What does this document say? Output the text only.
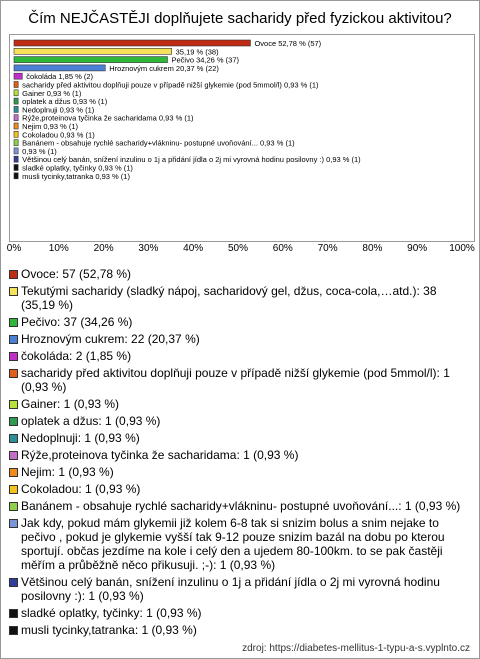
Čím NEJČASTĚJI doplňujete sacharidy před fyzickou aktivitou?
Ovoce 52,78 % (57)
35,19 % (38)
Pečivo 34,26 % (37)
Hroznovým cukrem 20,37 % (22)
čokoláda 1,85 % (2)
sacharidy před aktivitou doplňuji pouze v případě nižší glykemie (pod 5mmol/l) 0,93 % (1)
Gainer 0,93 % (1)
oplatek a džus 0,93 % (1)
Nedoplnuji 0,93 % (1)
Rýže,proteinova tyčinka že sacharidama 0,93 % (1)
Nejim 0,93 % (1)
Cokoladou 0,93 % (1)
Banánem - obsahuje rychlé sacharidy+vlákninu- postupné uvoňování... 0,93 % (1)
0,93 % (1)
Většinou celý banán, snížení inzulinu o 1j a přidání jídla o 2j mi vyrovná hodinu posilovny :) 0,93 % (1)
sladké oplatky, tyčinky 0,93 % (1)
musli tycinky,tatranka 0,93 % (1)
0%	10% 20% 30% 40% 50% 60% 70% 80% 90% 100%
Ovoce: 57 (52,78 %)
Tekutými sacharidy (sladký nápoj, sacharidový gel, džus, coca-cola,…atd.): 38 (35,19 %)
Pečivo: 37 (34,26 %)
Hroznovým cukrem: 22 (20,37 %)
čokoláda: 2 (1,85 %)
sacharidy před aktivitou doplňuji pouze v případě nižší glykemie (pod 5mmol/l): 1 (0,93 %)
Gainer: 1 (0,93 %)
oplatek a džus: 1 (0,93 %)
Nedoplnuji: 1 (0,93 %)
Rýže,proteinova tyčinka že sacharidama: 1 (0,93 %)
Nejim: 1 (0,93 %)
Cokoladou: 1 (0,93 %)
Banánem - obsahuje rychlé sacharidy+vlákninu- postupné uvoňování...: 1 (0,93 %)
Jak kdy, pokud mám glykemii již kolem 6-8 tak si snizim bolus a snim nejake to pečivo , pokud je glykemie vyšší tak 9-12 pouze snizim bazál na dobu po kterou sportují. občas jezdíme na kole i celý den a ujedem 80-100km. to se pak častěji měřím a průběžně něco přikusuji. ;-): 1 (0,93 %)
Většinou celý banán, snížení inzulinu o 1j a přidání jídla o 2j mi vyrovná hodinu posilovny :): 1 (0,93 %)
sladké oplatky, tyčinky: 1 (0,93 %)
musli tycinky,tatranka: 1 (0,93 %)
zdroj: https://diabetes-mellitus-1-typu-a-s.vyplnto.cz
